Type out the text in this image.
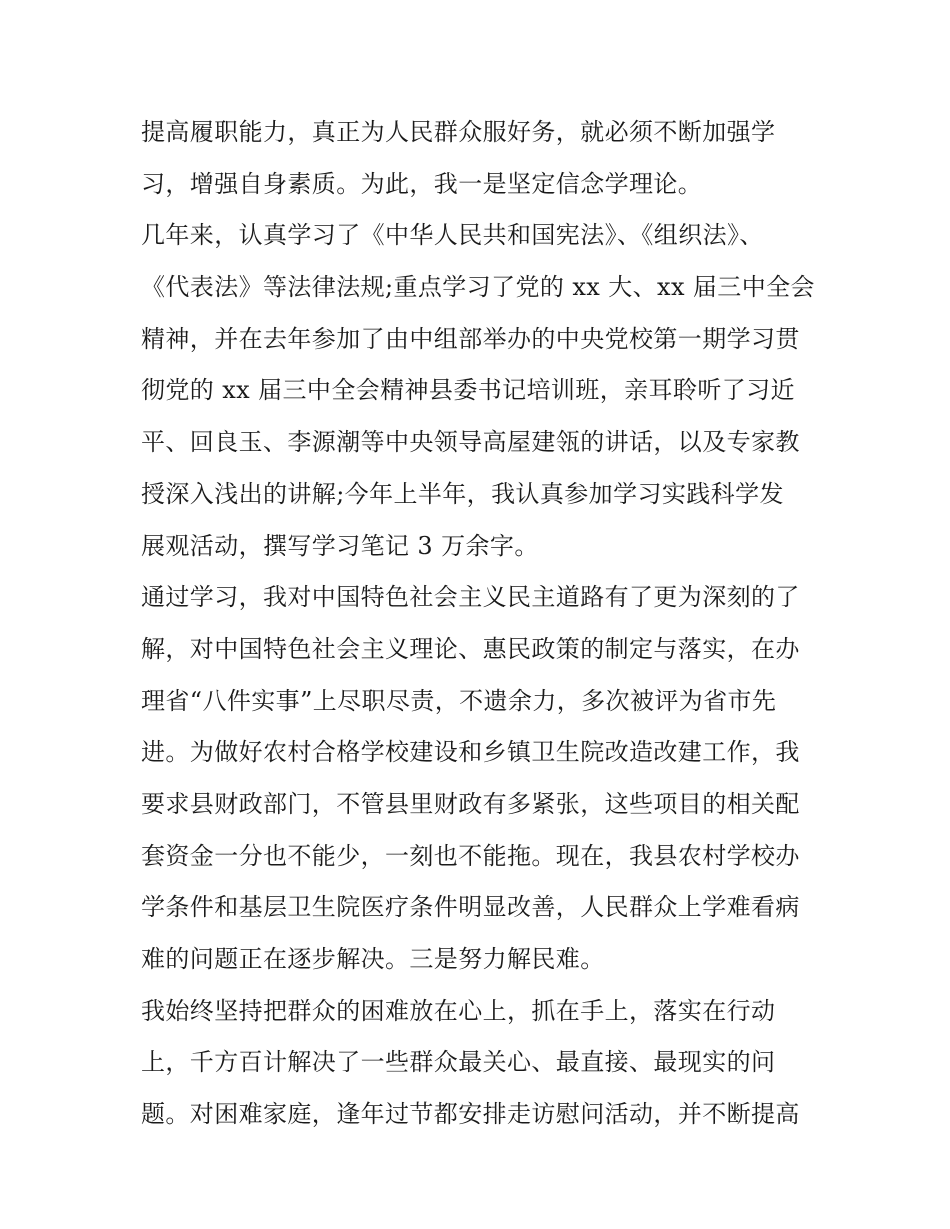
提高履职能力，真正为人民群众服好务，就必须不断加强学
习，增强自身素质。为此，我一是坚定信念学理论。
几年来，认真学习了《中华人民共和国宪法》、《组织法》、
《代表法》等法律法规;重点学习了党的 xx 大、xx 届三中全会
精神，并在去年参加了由中组部举办的中央党校第一期学习贯
彻党的 xx 届三中全会精神县委书记培训班，亲耳聆听了习近
平、回良玉、李源潮等中央领导高屋建瓴的讲话，以及专家教
授深入浅出的讲解;今年上半年，我认真参加学习实践科学发
展观活动，撰写学习笔记 3 万余字。
通过学习，我对中国特色社会主义民主道路有了更为深刻的了
解，对中国特色社会主义理论、惠民政策的制定与落实，在办
理省“八件实事”上尽职尽责，不遗余力，多次被评为省市先
进。为做好农村合格学校建设和乡镇卫生院改造改建工作，我
要求县财政部门，不管县里财政有多紧张，这些项目的相关配
套资金一分也不能少，一刻也不能拖。现在，我县农村学校办
学条件和基层卫生院医疗条件明显改善，人民群众上学难看病
难的问题正在逐步解决。三是努力解民难。
我始终坚持把群众的困难放在心上，抓在手上，落实在行动
上，千方百计解决了一些群众最关心、最直接、最现实的问
题。对困难家庭，逢年过节都安排走访慰问活动，并不断提高
